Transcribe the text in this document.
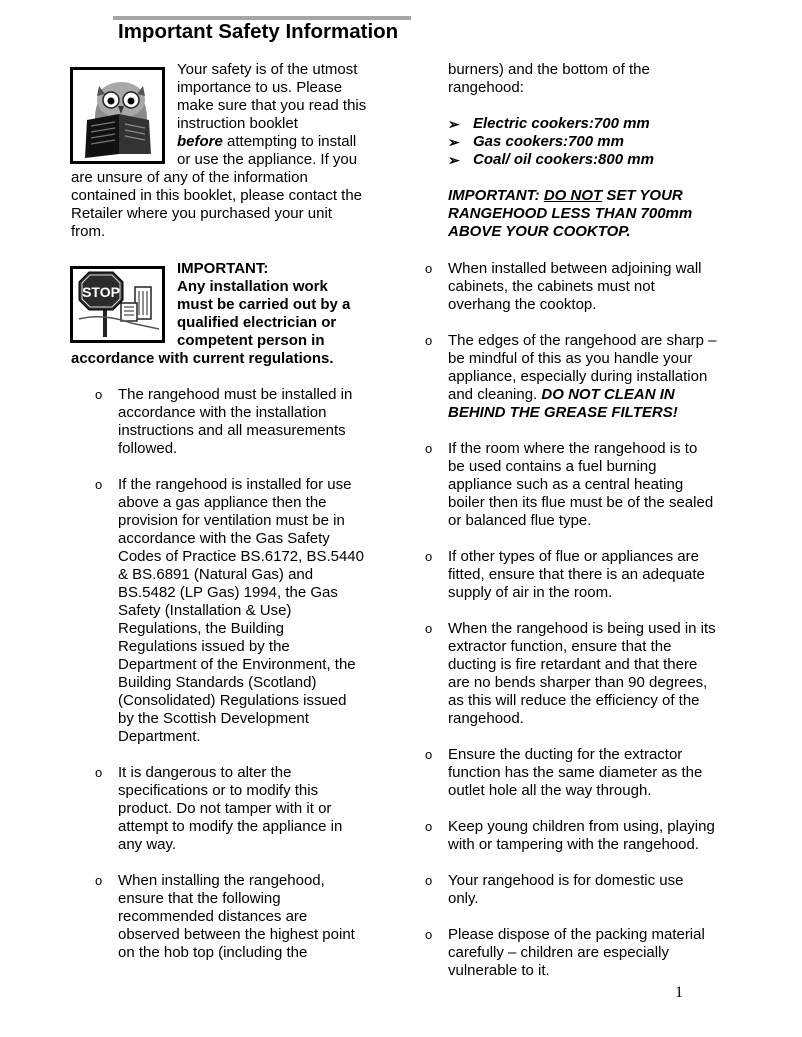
Important Safety Information

Your safety is of the utmost

importance to us. Please

make sure that you read this

instruction booklet

before attempting to install

or use the appliance. If you

are unsure of any of the information

contained in this booklet, please contact the

Retailer where you purchased your unit

from.

STOP

IMPORTANT:

Any installation work

must be carried out by a

qualified electrician or

competent person in

accordance with current regulations.

o The rangehood must be installed in

accordance with the installation

instructions and all measurements

followed.

o If the rangehood is installed for use

above a gas appliance then the

provision for ventilation must be in

accordance with the Gas Safety

Codes of Practice BS.6172, BS.5440

& BS.6891 (Natural Gas) and

BS.5482 (LP Gas) 1994, the Gas

Safety (Installation & Use)

Regulations, the Building

Regulations issued by the

Department of the Environment, the

Building Standards (Scotland)

(Consolidated) Regulations issued

by the Scottish Development

Department.

o It is dangerous to alter the

specifications or to modify this

product. Do not tamper with it or

attempt to modify the appliance in

any way.

o When installing the rangehood,

ensure that the following

recommended distances are

observed between the highest point

on the hob top (including the

burners) and the bottom of the

rangehood:

➢ Electric cookers:700 mm
➢ Gas cookers:700 mm
➢ Coal/ oil cookers:800 mm

IMPORTANT: DO NOT SET YOUR

RANGEHOOD LESS THAN 700mm

ABOVE YOUR COOKTOP.

o When installed between adjoining wall

cabinets, the cabinets must not

overhang the cooktop.

o The edges of the rangehood are sharp –

be mindful of this as you handle your

appliance, especially during installation

and cleaning. DO NOT CLEAN IN

BEHIND THE GREASE FILTERS!

o If the room where the rangehood is to

be used contains a fuel burning

appliance such as a central heating

boiler then its flue must be of the sealed

or balanced flue type.

o If other types of flue or appliances are

fitted, ensure that there is an adequate

supply of air in the room.

o When the rangehood is being used in its

extractor function, ensure that the

ducting is fire retardant and that there

are no bends sharper than 90 degrees,

as this will reduce the efficiency of the

rangehood.

o Ensure the ducting for the extractor

function has the same diameter as the

outlet hole all the way through.

o Keep young children from using, playing

with or tampering with the rangehood.

o Your rangehood is for domestic use

only.

o Please dispose of the packing material

carefully – children are especially

vulnerable to it.

1
